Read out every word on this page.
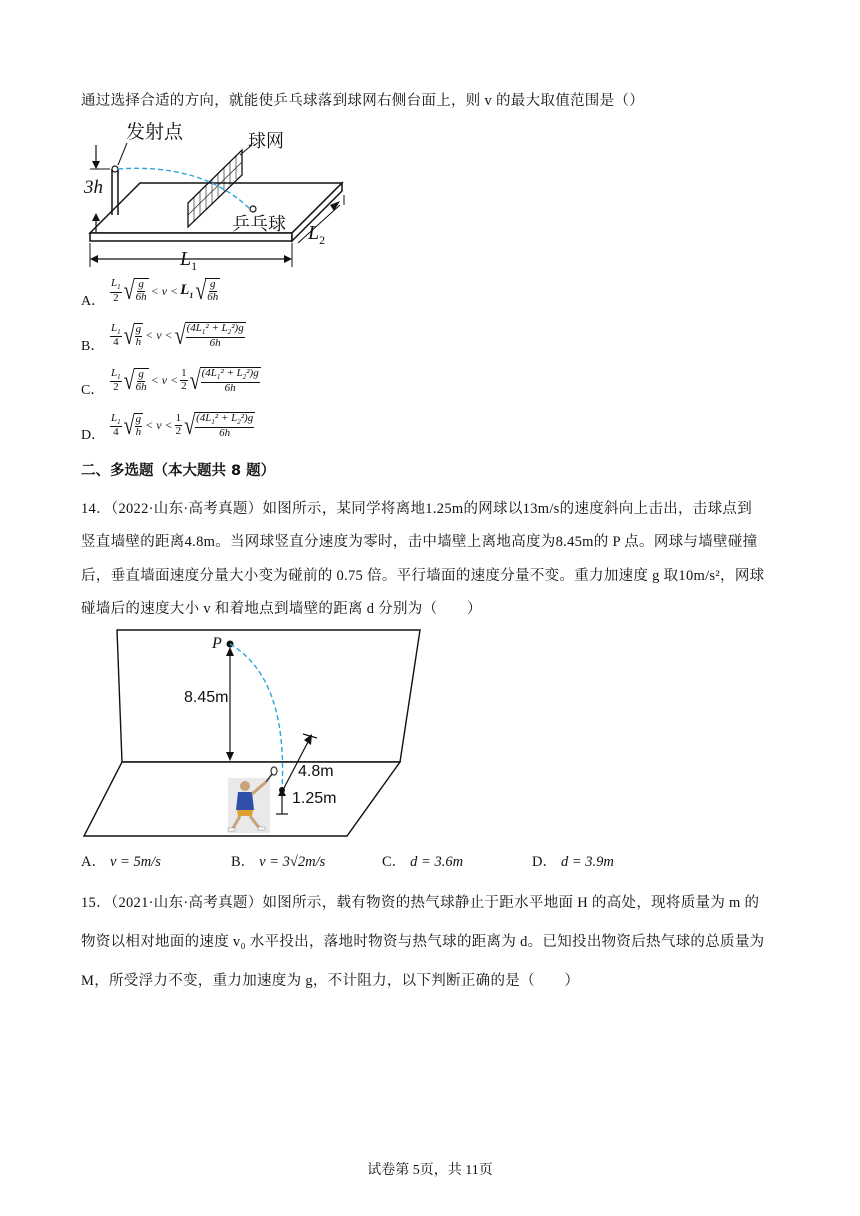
通过选择合适的方向，就能使乒乓球落到球网右侧台面上，则 v 的最大取值范围是（）
发射点	球网
乒乓球
3h
$L_1$
$L_2$
A． $\frac{L_1}{2}$ √ $\frac{g}{6h} < v < L_1$ √ $\frac{g}{6h}$
B． $\frac{L_1}{4}$ √ $\frac{g}{h} < v$ < √ $\frac{(4L_1^2 + L_2^2)g}{6h}$
C． $\frac{L_1}{2}$ √ $\frac{g}{6h} < v < \frac{1}{2}$ √ $\frac{(4L_1^2 + L_2^2)g}{6h}$
D． $\frac{L_1}{4}$ √ $\frac{g}{h} < v < \frac{1}{2}$ √ $\frac{(4L_1^2 + L_2^2)g}{6h}$
二、多选题（本大题共 8 题）
14．（2022·山东·高考真题）如图所示，某同学将离地1.25m的网球以13m/s的速度斜向上击出，击球点到
竖直墙壁的距离4.8m。当网球竖直分速度为零时，击中墙壁上离地高度为8.45m的 P 点。网球与墙壁碰撞
后，垂直墙面速度分量大小变为碰前的 0.75 倍。平行墙面的速度分量不变。重力加速度 g 取10m/s²，网球
碰墙后的速度大小 v 和着地点到墙壁的距离 d 分别为（　　）
P
8.45m
4.8m
1.25m
A． v = 5m/s	B． v = 3√2m/s	C． d = 3.6m	D． d = 3.9m
15．（2021·山东·高考真题）如图所示，载有物资的热气球静止于距水平地面 H 的高处，现将质量为 m 的
物资以相对地面的速度 v₀ 水平投出，落地时物资与热气球的距离为 d。已知投出物资后热气球的总质量为
M，所受浮力不变，重力加速度为 g，不计阻力，以下判断正确的是（　　）
试卷第 5页，共 11页
